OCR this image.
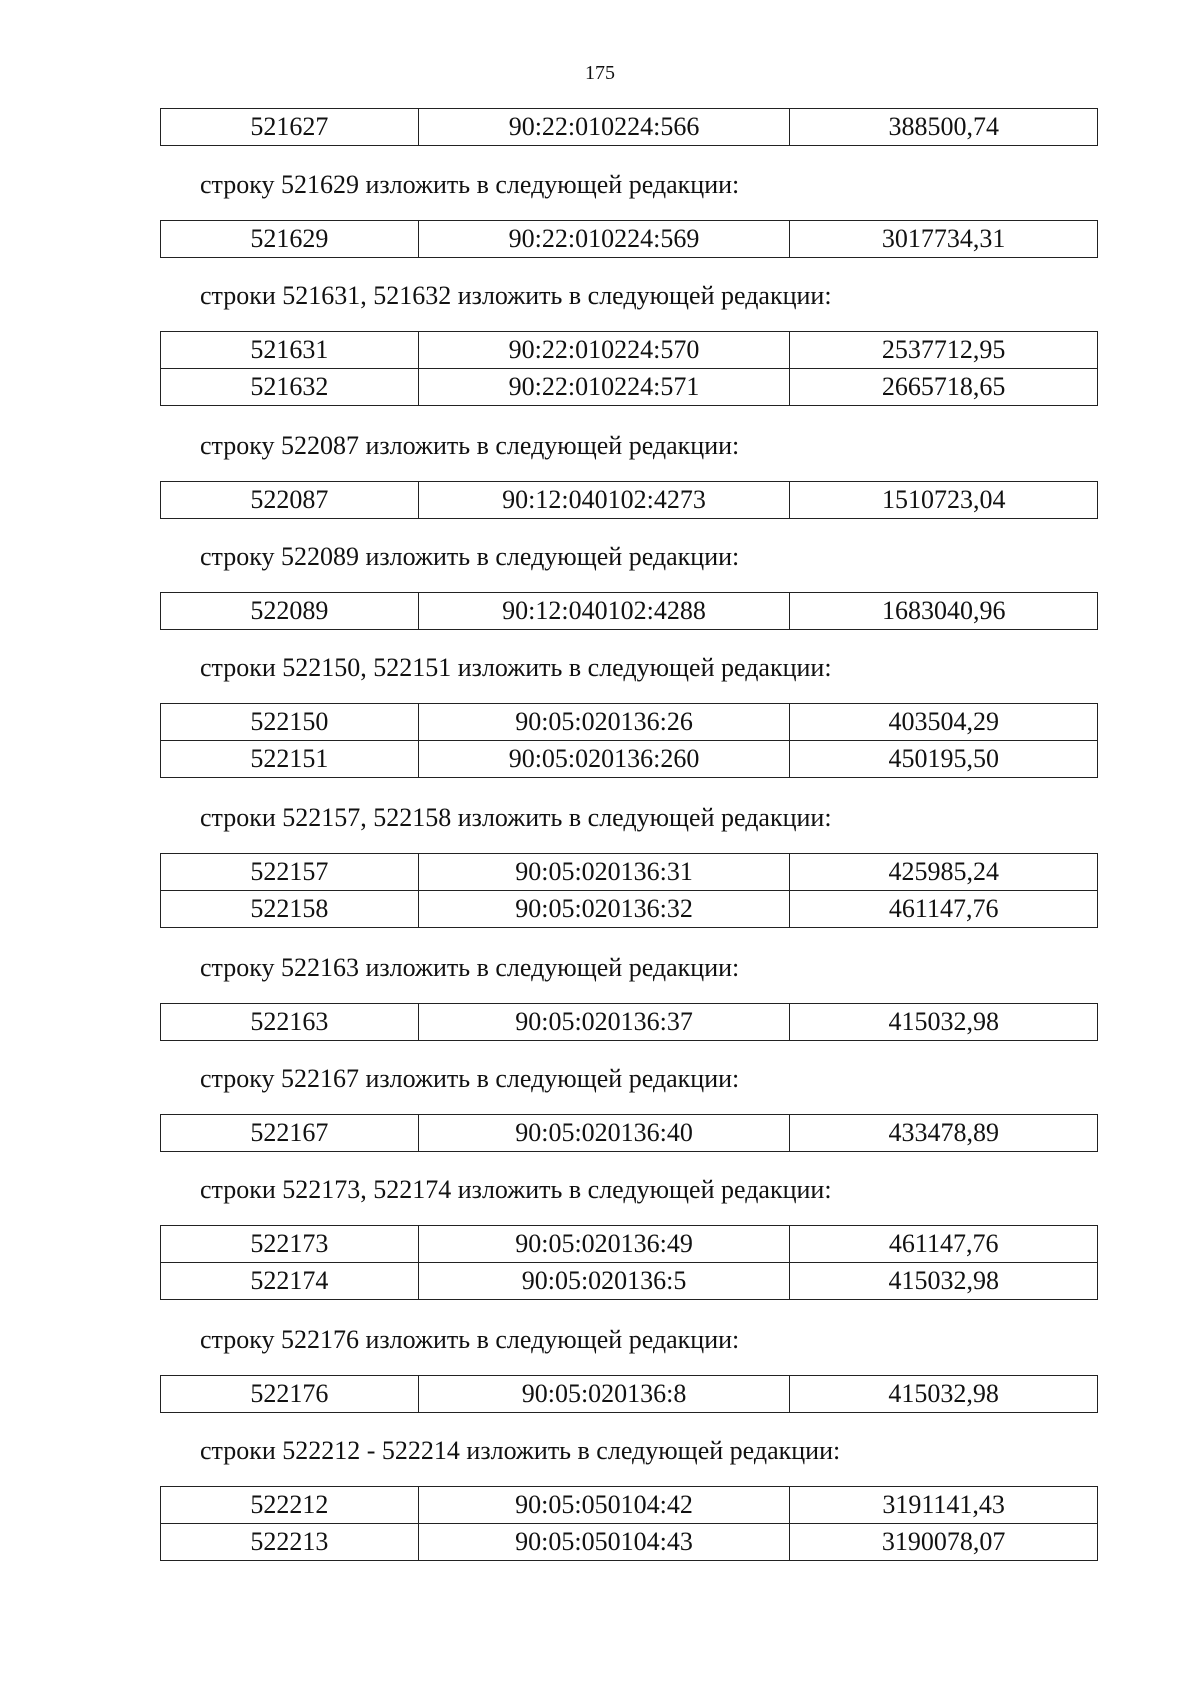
175
521627	90:22:010224:566	388500,74
строку 521629 изложить в следующей редакции:
521629	90:22:010224:569	3017734,31
строки 521631, 521632 изложить в следующей редакции:
521631	90:22:010224:570	2537712,95
521632	90:22:010224:571	2665718,65
строку 522087 изложить в следующей редакции:
522087	90:12:040102:4273	1510723,04
строку 522089 изложить в следующей редакции:
522089	90:12:040102:4288	1683040,96
строки 522150, 522151 изложить в следующей редакции:
522150	90:05:020136:26	403504,29
522151	90:05:020136:260	450195,50
строки 522157, 522158 изложить в следующей редакции:
522157	90:05:020136:31	425985,24
522158	90:05:020136:32	461147,76
строку 522163 изложить в следующей редакции:
522163	90:05:020136:37	415032,98
строку 522167 изложить в следующей редакции:
522167	90:05:020136:40	433478,89
строки 522173, 522174 изложить в следующей редакции:
522173	90:05:020136:49	461147,76
522174	90:05:020136:5	415032,98
строку 522176 изложить в следующей редакции:
522176	90:05:020136:8	415032,98
строки 522212 - 522214 изложить в следующей редакции:
522212	90:05:050104:42	3191141,43
522213	90:05:050104:43	3190078,07
